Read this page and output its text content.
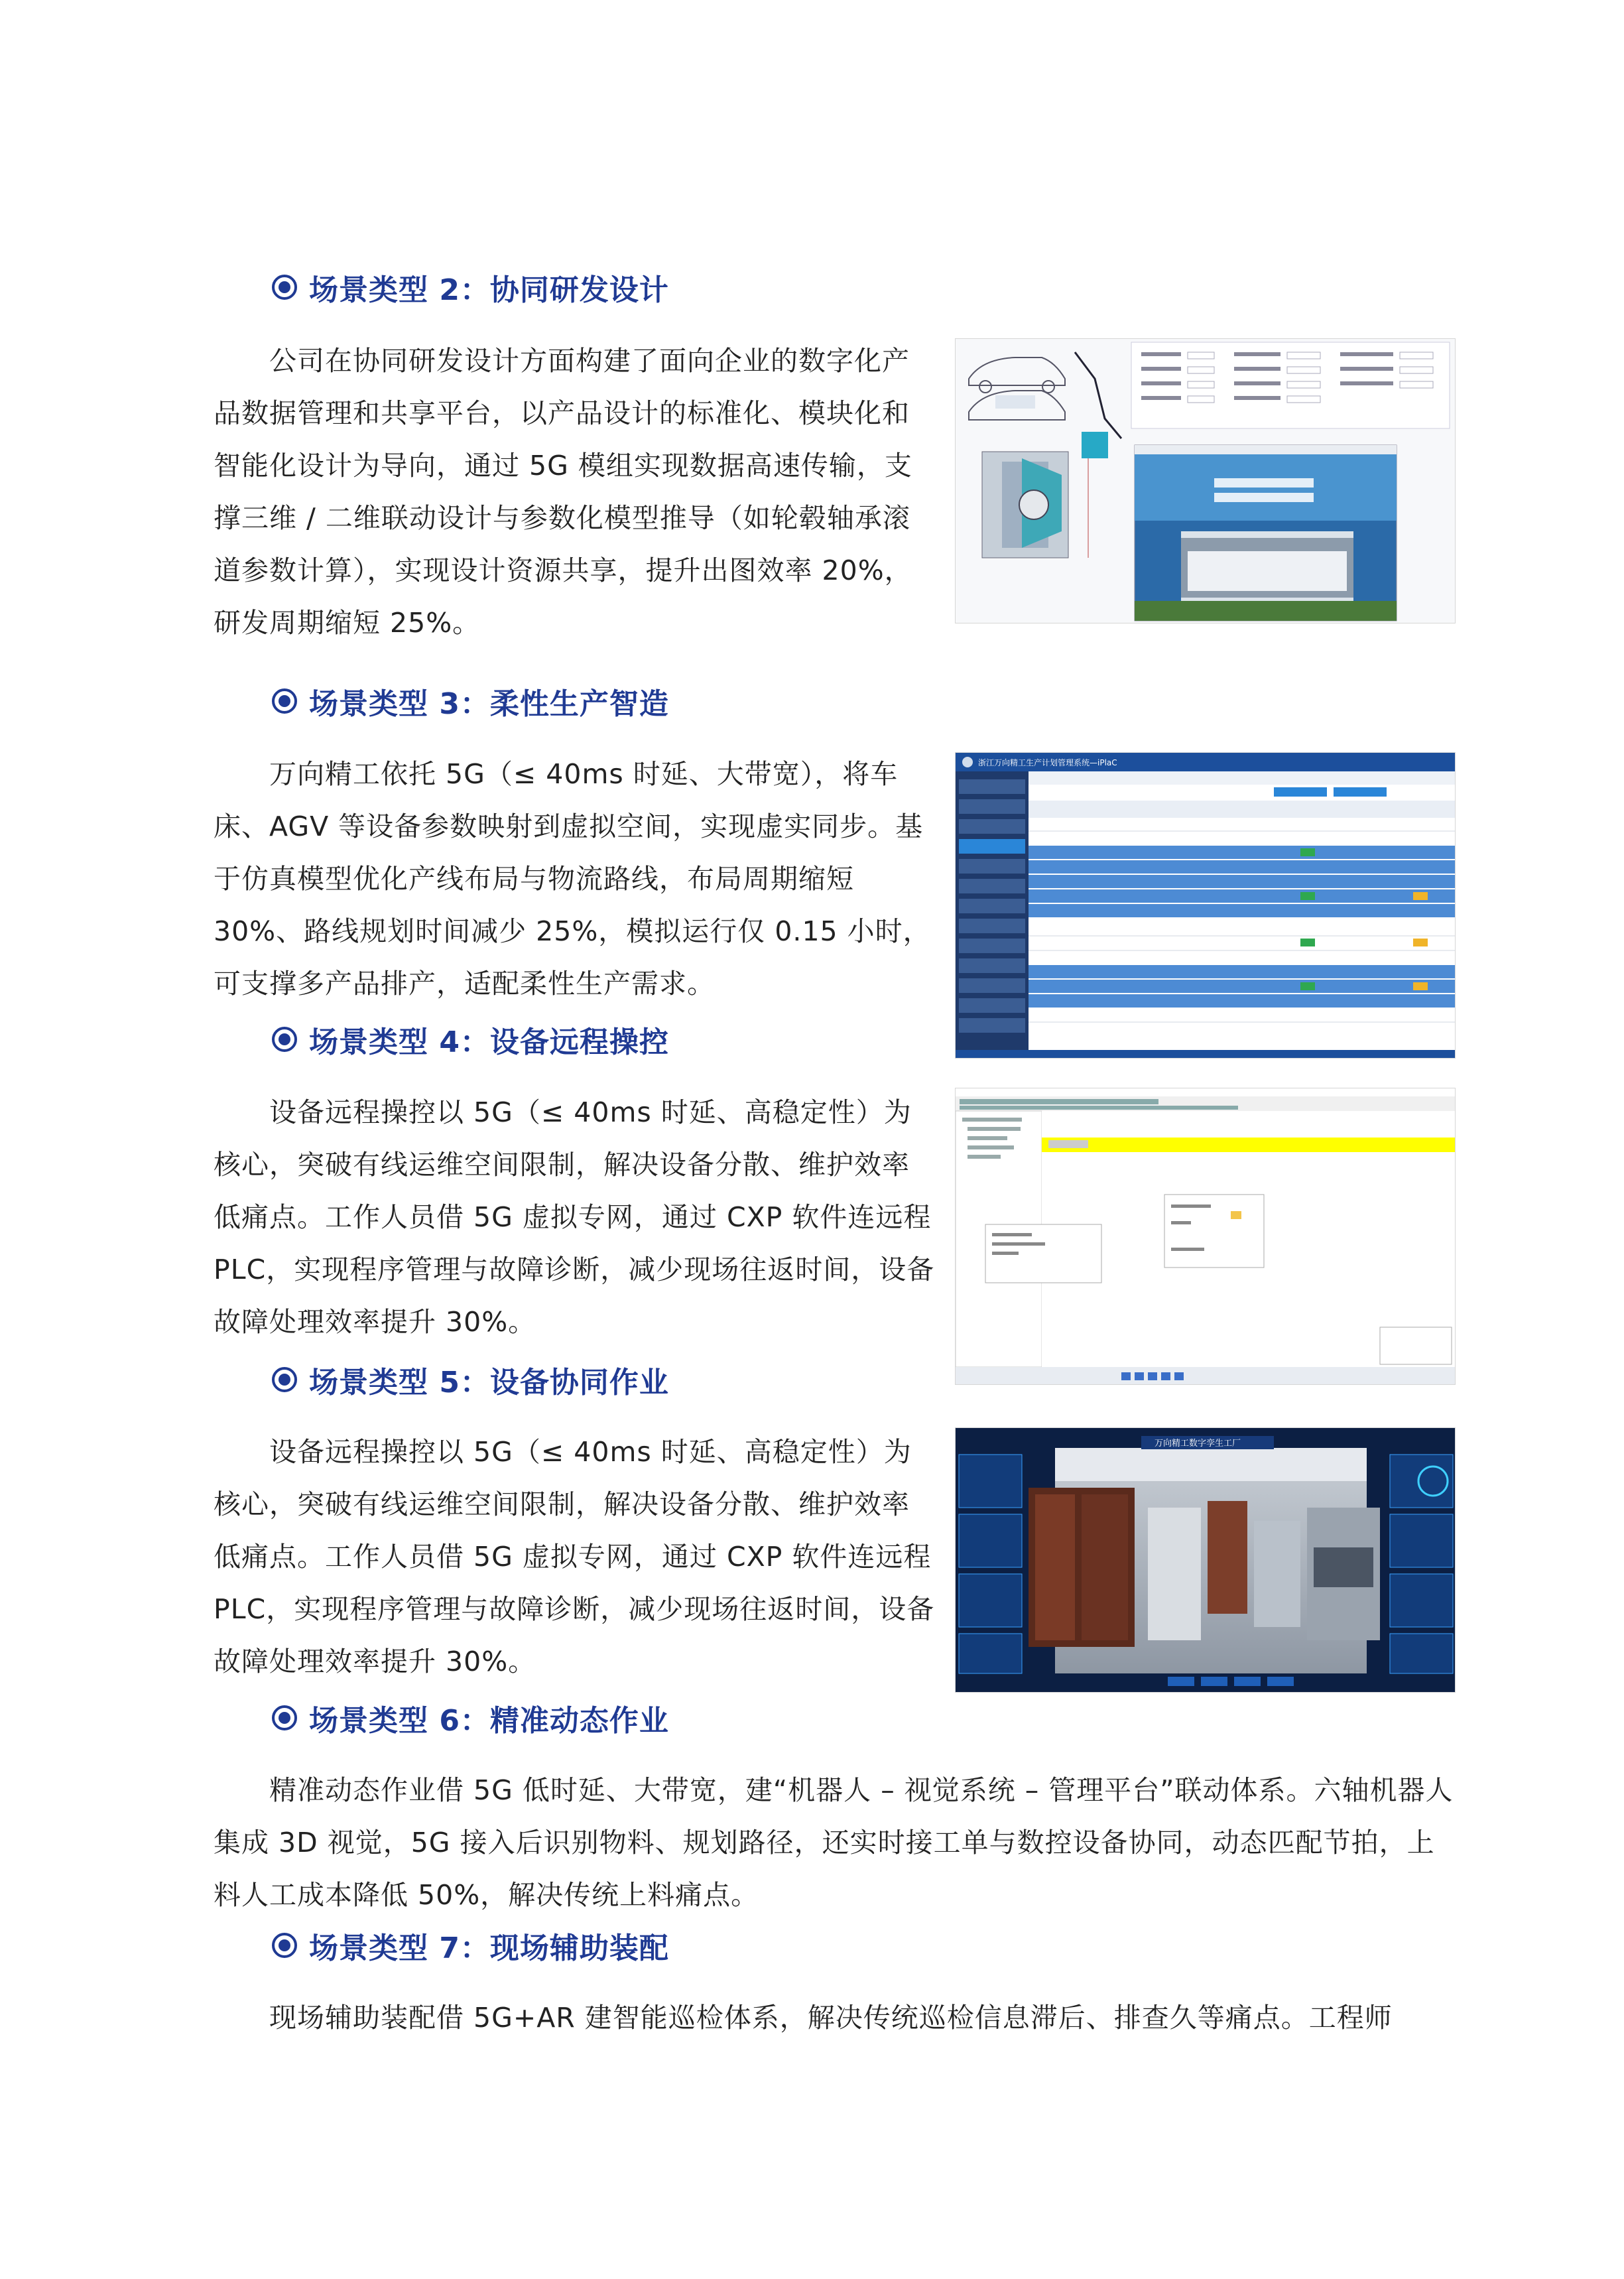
场景类型 2：协同研发设计

公司在协同研发设计方面构建了面向企业的数字化产品数据管理和共享平台，以产品设计的标准化、模块化和智能化设计为导向，通过 5G 模组实现数据高速传输，支撑三维 / 二维联动设计与参数化模型推导（如轮毂轴承滚道参数计算），实现设计资源共享，提升出图效率 20%，研发周期缩短 25%。

场景类型 3：柔性生产智造

万向精工依托 5G（≤ 40ms 时延、大带宽），将车床、AGV 等设备参数映射到虚拟空间，实现虚实同步。基于仿真模型优化产线布局与物流路线，布局周期缩短 30%、路线规划时间减少 25%，模拟运行仅 0.15 小时，可支撑多产品排产，适配柔性生产需求。

浙江万向精工生产计划管理系统—iPlaC
场景类型 4：设备远程操控

设备远程操控以 5G（≤ 40ms 时延、高稳定性）为核心，突破有线运维空间限制，解决设备分散、维护效率低痛点。工作人员借 5G 虚拟专网，通过 CXP 软件连远程 PLC，实现程序管理与故障诊断，减少现场往返时间，设备故障处理效率提升 30%。

场景类型 5：设备协同作业

设备远程操控以 5G（≤ 40ms 时延、高稳定性）为核心，突破有线运维空间限制，解决设备分散、维护效率低痛点。工作人员借 5G 虚拟专网，通过 CXP 软件连远程 PLC，实现程序管理与故障诊断，减少现场往返时间，设备故障处理效率提升 30%。

万向精工数字孪生工厂
场景类型 6：精准动态作业

精准动态作业借 5G 低时延、大带宽，建“机器人 – 视觉系统 – 管理平台”联动体系。六轴机器人集成 3D 视觉，5G 接入后识别物料、规划路径，还实时接工单与数控设备协同，动态匹配节拍，上料人工成本降低 50%，解决传统上料痛点。

场景类型 7：现场辅助装配

现场辅助装配借 5G+AR 建智能巡检体系，解决传统巡检信息滞后、排查久等痛点。工程师
